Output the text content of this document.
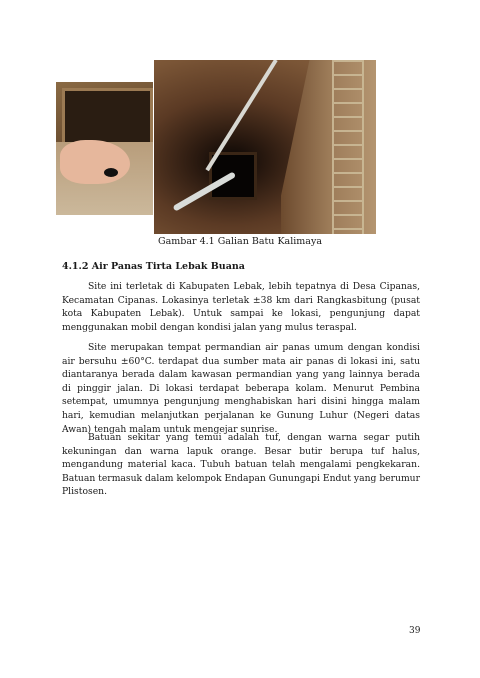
Gambar 4.1 Galian Batu Kalimaya
4.1.2 Air Panas Tirta Lebak Buana

Site ini terletak di Kabupaten Lebak, lebih tepatnya di Desa Cipanas, Kecamatan Cipanas. Lokasinya terletak ±38 km dari Rangkasbitung (pusat kota Kabupaten Lebak). Untuk sampai ke lokasi, pengunjung dapat menggunakan mobil dengan kondisi jalan yang mulus teraspal.

Site merupakan tempat permandian air panas umum dengan kondisi air bersuhu ±60°C. terdapat dua sumber mata air panas di lokasi ini, satu diantaranya berada dalam kawasan permandian yang yang lainnya berada di pinggir jalan. Di lokasi terdapat beberapa kolam. Menurut Pembina setempat, umumnya pengunjung menghabiskan hari disini hingga malam hari, kemudian melanjutkan perjalanan ke Gunung Luhur (Negeri datas Awan) tengah malam untuk mengejar sunrise.

Batuan sekitar yang temui adalah tuf, dengan warna segar putih kekuningan dan warna lapuk orange. Besar butir berupa tuf halus, mengandung material kaca. Tubuh batuan telah mengalami pengkekaran. Batuan termasuk dalam kelompok Endapan Gunungapi Endut yang berumur Plistosen.

39
